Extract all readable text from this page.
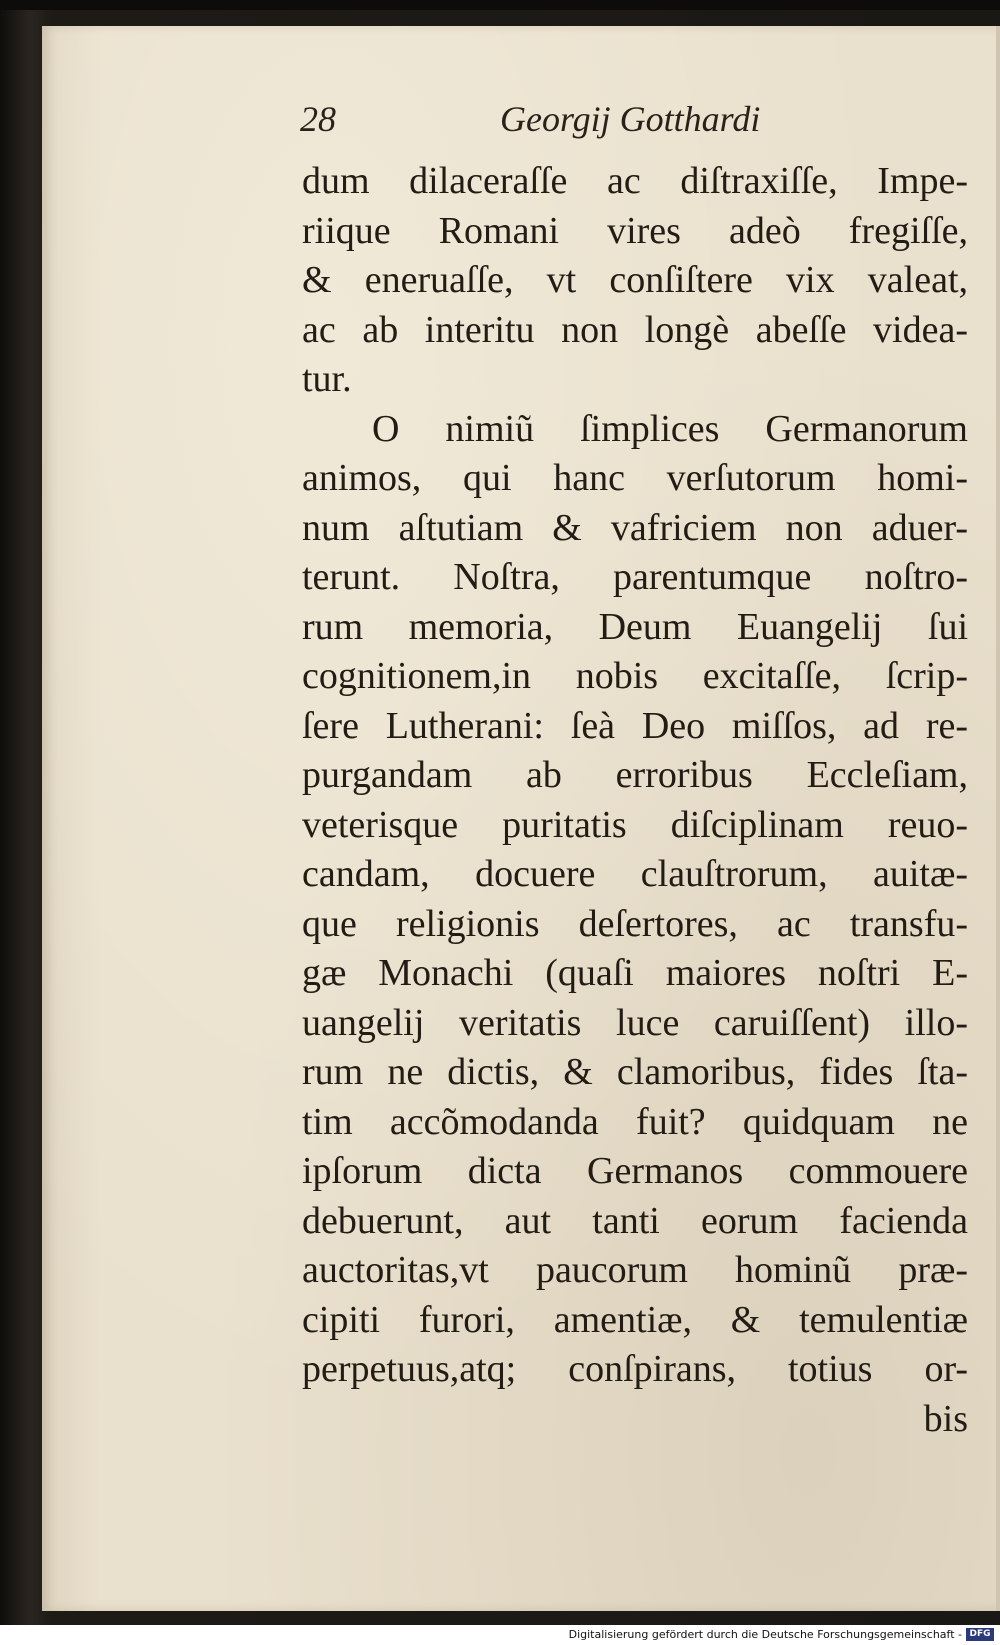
28	Georgij Gotthardi
dum dilaceraſſe ac diſtraxiſſe, Impe-
riique Romani vires adeò fregiſſe,
& eneruaſſe, vt conſiſtere vix valeat,
ac ab interitu non longè abeſſe videa-
tur.
O nimiũ ſimplices Germanorum
animos, qui hanc verſutorum homi-
num aſtutiam & vafriciem non aduer-
terunt. Noſtra, parentumque noſtro-
rum memoria, Deum Euangelij ſui
cognitionem,in nobis excitaſſe, ſcrip-
ſere Lutherani: ſeà Deo miſſos, ad re-
purgandam ab erroribus Eccleſiam,
veterisque puritatis diſciplinam reuo-
candam, docuere clauſtrorum, auitæ-
que religionis deſertores, ac transfu-
gæ Monachi (quaſi maiores noſtri E-
uangelij veritatis luce caruiſſent) illo-
rum ne dictis, & clamoribus, fides ſta-
tim accõmodanda fuit? quidquam ne
ipſorum dicta Germanos commouere
debuerunt, aut tanti eorum facienda
auctoritas,vt paucorum hominũ præ-
cipiti furori, amentiæ, & temulentiæ
perpetuus,atq; conſpirans, totius or-
bis
Digitalisierung gefördert durch die Deutsche Forschungsgemeinschaft - DFG
